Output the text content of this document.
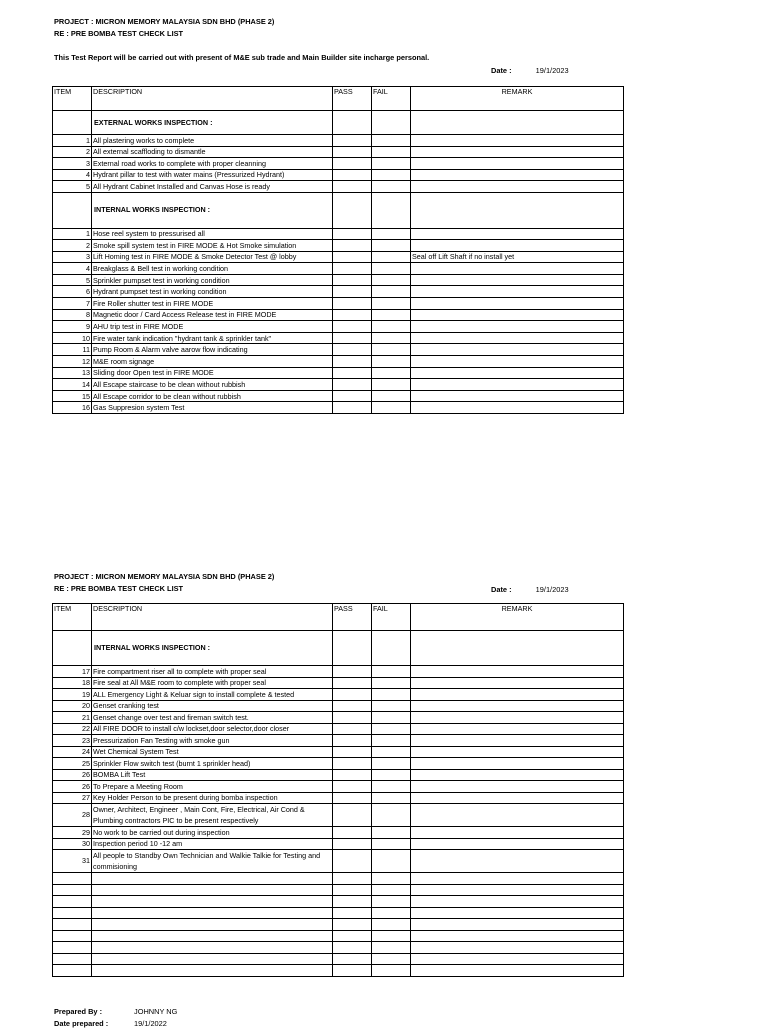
PROJECT : MICRON MEMORY MALAYSIA SDN BHD (PHASE 2)
RE : PRE BOMBA TEST CHECK LIST
This Test Report will be carried out with present of M&E sub trade and Main Builder site incharge personal.
Date :	19/1/2023
ITEM	DESCRIPTION	PASS	FAIL	REMARK
	EXTERNAL WORKS INSPECTION :			
1	All plastering works to complete			
2	All external scaffloding to dismantle			
3	External road works to complete with proper cleanning			
4	Hydrant pillar to test with water mains (Pressurized Hydrant)			
5	All Hydrant Cabinet Installed and Canvas Hose is ready			
	INTERNAL WORKS INSPECTION :			
1	Hose reel system to pressurised all			
2	Smoke spill system test in FIRE MODE & Hot Smoke simulation			
3	Lift Homing test in FIRE MODE & Smoke Detector Test @ lobby			Seal off Lift Shaft if no install yet
4	Breakglass & Bell test in working condition			
5	Sprinkler pumpset test in working condition			
6	Hydrant pumpset test in working condition			
7	Fire Roller shutter test in FIRE MODE			
8	Magnetic door / Card Access Release test in FIRE MODE			
9	AHU trip test in FIRE MODE			
10	Fire water tank indication "hydrant tank & sprinkler tank"			
11	Pump Room & Alarm valve aarow flow indicating			
12	M&E room signage			
13	Sliding door Open test in FIRE MODE			
14	All Escape staircase to be clean without rubbish			
15	All Escape corridor to be clean without rubbish			
16	Gas Suppresion system Test			
PROJECT : MICRON MEMORY MALAYSIA SDN BHD (PHASE 2)
RE : PRE BOMBA TEST CHECK LIST	Date :	19/1/2023
ITEM	DESCRIPTION	PASS	FAIL	REMARK
	INTERNAL WORKS INSPECTION :			
17	Fire compartment riser all to complete with proper seal			
18	Fire seal at All M&E room to complete with proper seal			
19	ALL Emergency Light & Keluar sign to install complete & tested			
20	Genset cranking test			
21	Genset change over test and fireman switch test.			
22	All FIRE DOOR to install c/w lockset,door selector,door closer			
23	Pressurization Fan Testing with smoke gun			
24	Wet Chemical System Test			
25	Sprinkler Flow switch test (burnt 1 sprinkler head)			
26	BOMBA Lift Test			
26	To Prepare a Meeting Room			
27	Key Holder Person to be present during bomba inspection			
28	Owner, Architect, Engineer , Main Cont, Fire, Electrical, Air Cond & Plumbing contractors PIC to be present respectively			
29	No work to be carried out during inspection			
30	Inspection period 10 -12 am			
31	All people to Standby Own Technician and Walkie Talkie for Testing and commisioning			

Prepared By :	JOHNNY NG
Date prepared :	19/1/2022
